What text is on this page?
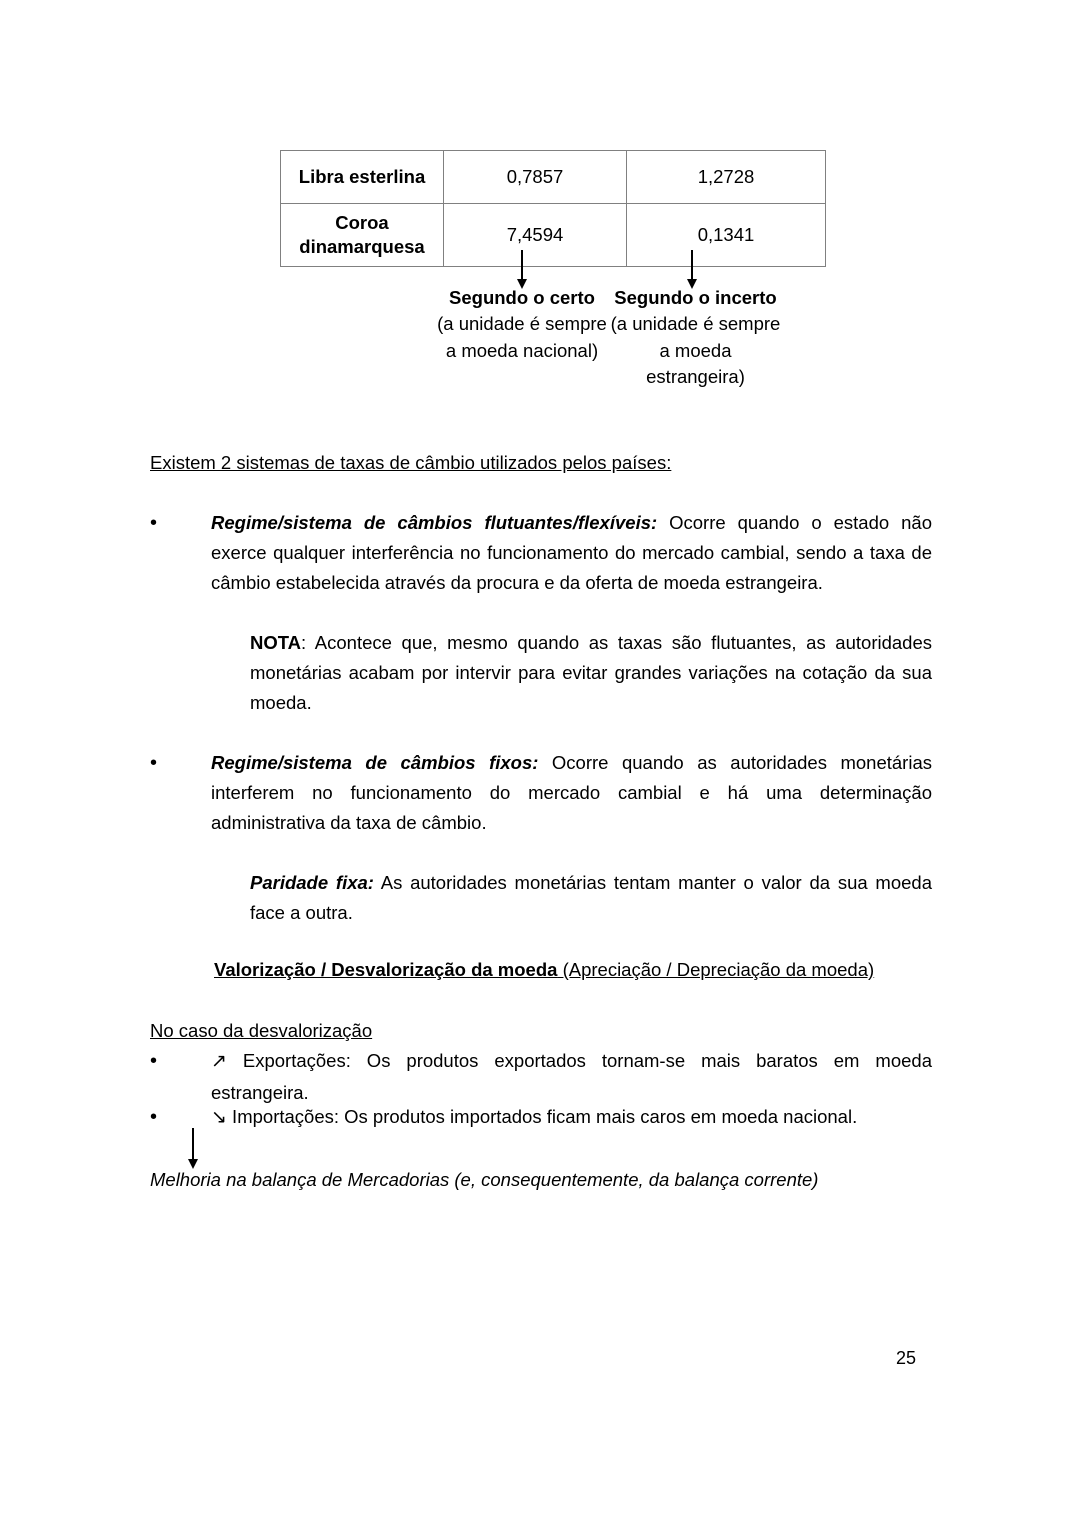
Libra esterlina	0,7857	1,2728
Coroa dinamarquesa	7,4594	0,1341
Segundo o certo
(a unidade é sempre a moeda nacional)
Segundo o incerto
(a unidade é sempre a moeda estrangeira)
Existem 2 sistemas de taxas de câmbio utilizados pelos países:
•	Regime/sistema de câmbios flutuantes/flexíveis: Ocorre quando o estado não exerce qualquer interferência no funcionamento do mercado cambial, sendo a taxa de câmbio estabelecida através da procura e da oferta de moeda estrangeira.
NOTA: Acontece que, mesmo quando as taxas são flutuantes, as autoridades monetárias acabam por intervir para evitar grandes variações na cotação da sua moeda.
•	Regime/sistema de câmbios fixos: Ocorre quando as autoridades monetárias interferem no funcionamento do mercado cambial e há uma determinação administrativa da taxa de câmbio.
Paridade fixa: As autoridades monetárias tentam manter o valor da sua moeda face a outra.
Valorização / Desvalorização da moeda (Apreciação / Depreciação da moeda)
No caso da desvalorização
•	↗ Exportações: Os produtos exportados tornam-se mais baratos em moeda estrangeira.
•	↘ Importações: Os produtos importados ficam mais caros em moeda nacional.
Melhoria na balança de Mercadorias (e, consequentemente, da balança corrente)
25
